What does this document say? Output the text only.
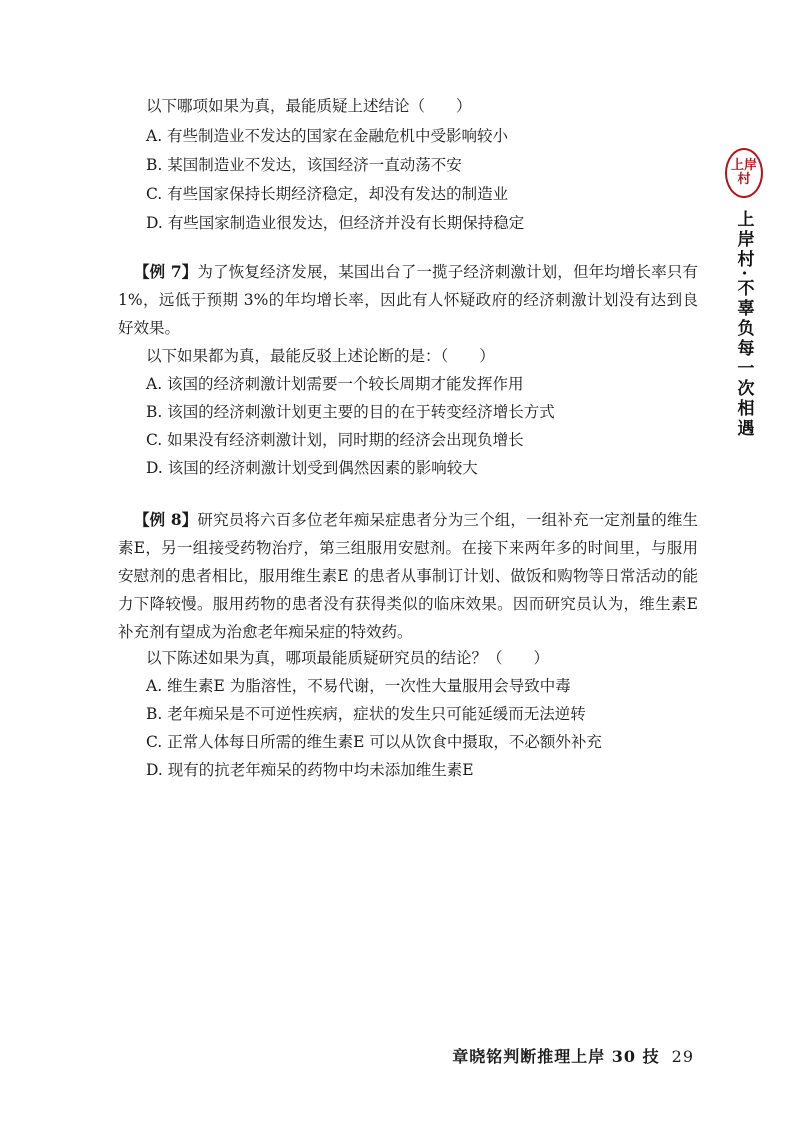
以下哪项如果为真，最能质疑上述结论（　　）
A. 有些制造业不发达的国家在金融危机中受影响较小
B. 某国制造业不发达，该国经济一直动荡不安
C. 有些国家保持长期经济稳定，却没有发达的制造业
D. 有些国家制造业很发达，但经济并没有长期保持稳定
【例 7】为了恢复经济发展，某国出台了一揽子经济刺激计划，但年均增长率只有 1%，远低于预期 3%的年均增长率，因此有人怀疑政府的经济刺激计划没有达到良好效果。
以下如果都为真，最能反驳上述论断的是：（　　）
A. 该国的经济刺激计划需要一个较长周期才能发挥作用
B. 该国的经济刺激计划更主要的目的在于转变经济增长方式
C. 如果没有经济刺激计划，同时期的经济会出现负增长
D. 该国的经济刺激计划受到偶然因素的影响较大
【例 8】研究员将六百多位老年痴呆症患者分为三个组，一组补充一定剂量的维生素E，另一组接受药物治疗，第三组服用安慰剂。在接下来两年多的时间里，与服用安慰剂的患者相比，服用维生素E 的患者从事制订计划、做饭和购物等日常活动的能力下降较慢。服用药物的患者没有获得类似的临床效果。因而研究员认为，维生素E 补充剂有望成为治愈老年痴呆症的特效药。
以下陈述如果为真，哪项最能质疑研究员的结论？（　　）
A. 维生素E 为脂溶性，不易代谢，一次性大量服用会导致中毒
B. 老年痴呆是不可逆性疾病，症状的发生只可能延缓而无法逆转
C. 正常人体每日所需的维生素E 可以从饮食中摄取，不必额外补充
D. 现有的抗老年痴呆的药物中均未添加维生素E
上岸
村
上岸村·不辜负每一次相遇
章晓铭判断推理上岸 30 技 29
